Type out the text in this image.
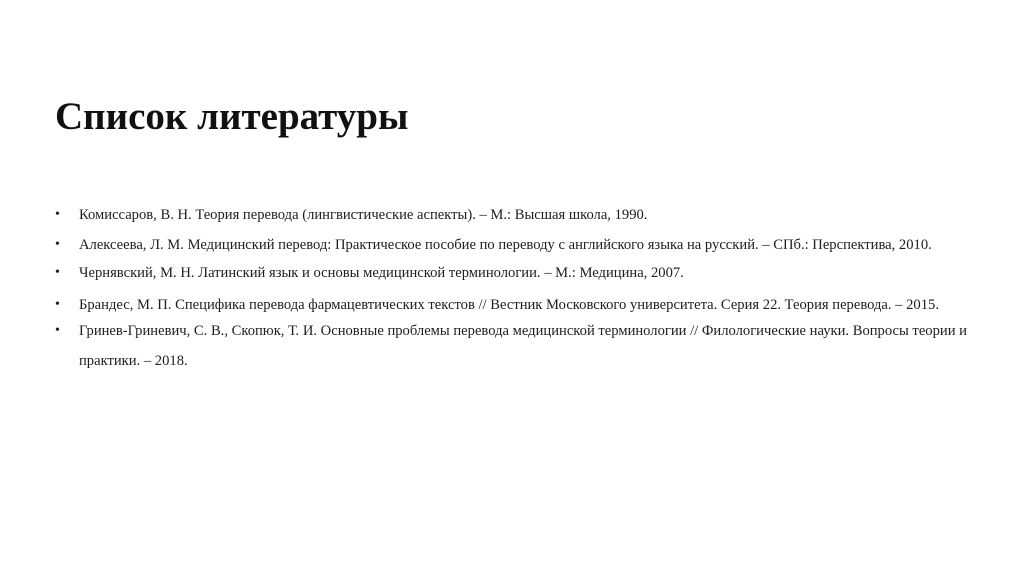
Список литературы
• Комиссаров, В. Н. Теория перевода (лингвистические аспекты). – М.: Высшая школа, 1990.
• Алексеева, Л. М. Медицинский перевод: Практическое пособие по переводу с английского языка на русский. – СПб.: Перспектива, 2010.
• Чернявский, М. Н. Латинский язык и основы медицинской терминологии. – М.: Медицина, 2007.
• Брандес, М. П. Специфика перевода фармацевтических текстов // Вестник Московского университета. Серия 22. Теория перевода. – 2015.
• Гринев-Гриневич, С. В., Скопюк, Т. И. Основные проблемы перевода медицинской терминологии // Филологические науки. Вопросы теории и практики. – 2018.
